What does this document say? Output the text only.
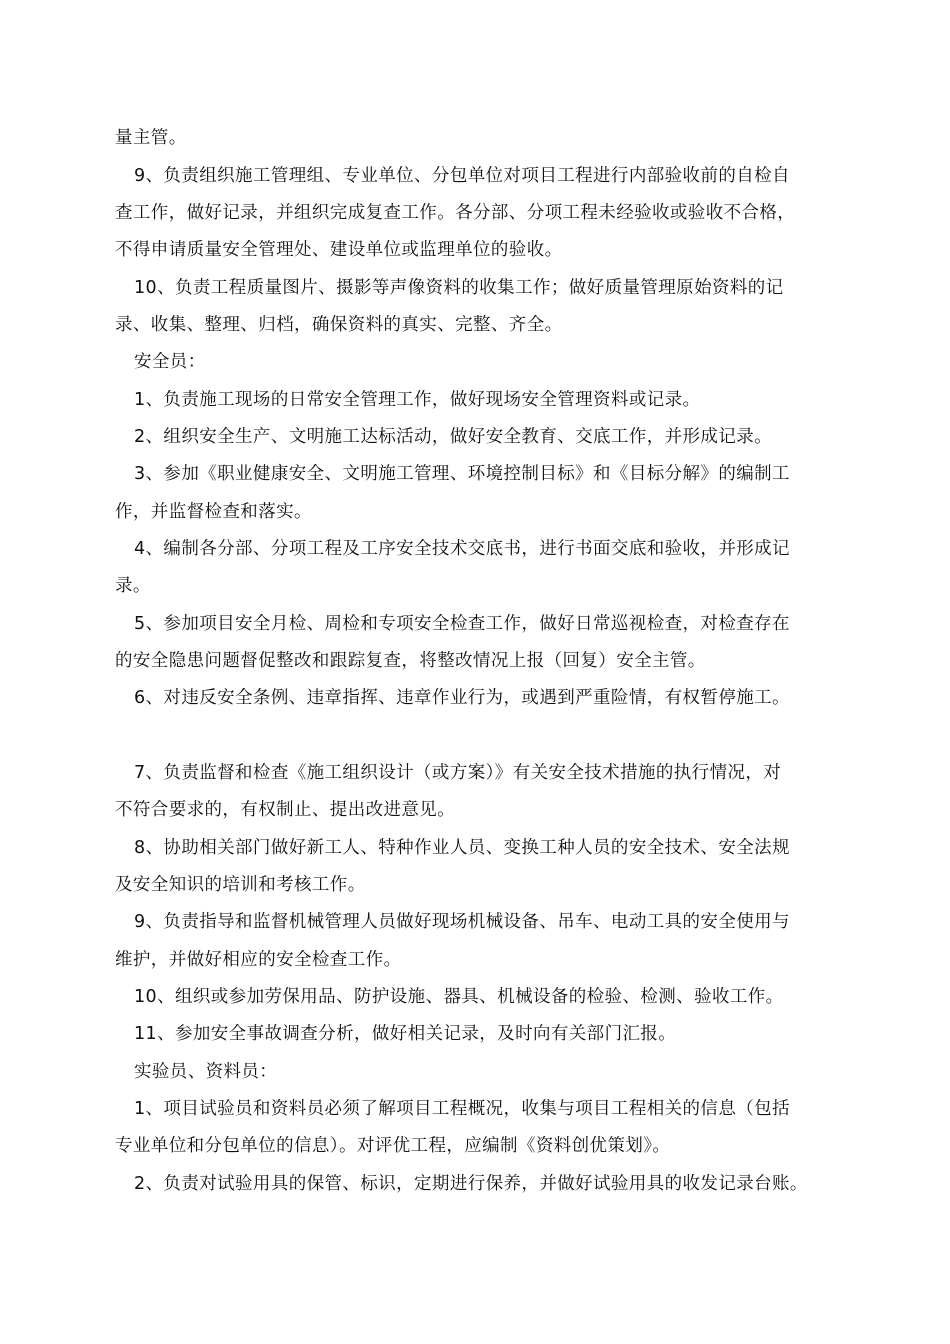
量主管。
9、负责组织施工管理组、专业单位、分包单位对项目工程进行内部验收前的自检自
查工作，做好记录，并组织完成复查工作。各分部、分项工程未经验收或验收不合格，
不得申请质量安全管理处、建设单位或监理单位的验收。
10、负责工程质量图片、摄影等声像资料的收集工作；做好质量管理原始资料的记
录、收集、整理、归档，确保资料的真实、完整、齐全。
安全员：
1、负责施工现场的日常安全管理工作，做好现场安全管理资料或记录。
2、组织安全生产、文明施工达标活动，做好安全教育、交底工作，并形成记录。
3、参加《职业健康安全、文明施工管理、环境控制目标》和《目标分解》的编制工
作，并监督检查和落实。
4、编制各分部、分项工程及工序安全技术交底书，进行书面交底和验收，并形成记
录。
5、参加项目安全月检、周检和专项安全检查工作，做好日常巡视检查，对检查存在
的安全隐患问题督促整改和跟踪复查，将整改情况上报（回复）安全主管。
6、对违反安全条例、违章指挥、违章作业行为，或遇到严重险情，有权暂停施工。
7、负责监督和检查《施工组织设计（或方案）》有关安全技术措施的执行情况，对
不符合要求的，有权制止、提出改进意见。
8、协助相关部门做好新工人、特种作业人员、变换工种人员的安全技术、安全法规
及安全知识的培训和考核工作。
9、负责指导和监督机械管理人员做好现场机械设备、吊车、电动工具的安全使用与
维护，并做好相应的安全检查工作。
10、组织或参加劳保用品、防护设施、器具、机械设备的检验、检测、验收工作。
11、参加安全事故调查分析，做好相关记录，及时向有关部门汇报。
实验员、资料员：
1、项目试验员和资料员必须了解项目工程概况，收集与项目工程相关的信息（包括
专业单位和分包单位的信息）。对评优工程，应编制《资料创优策划》。
2、负责对试验用具的保管、标识，定期进行保养，并做好试验用具的收发记录台账。
